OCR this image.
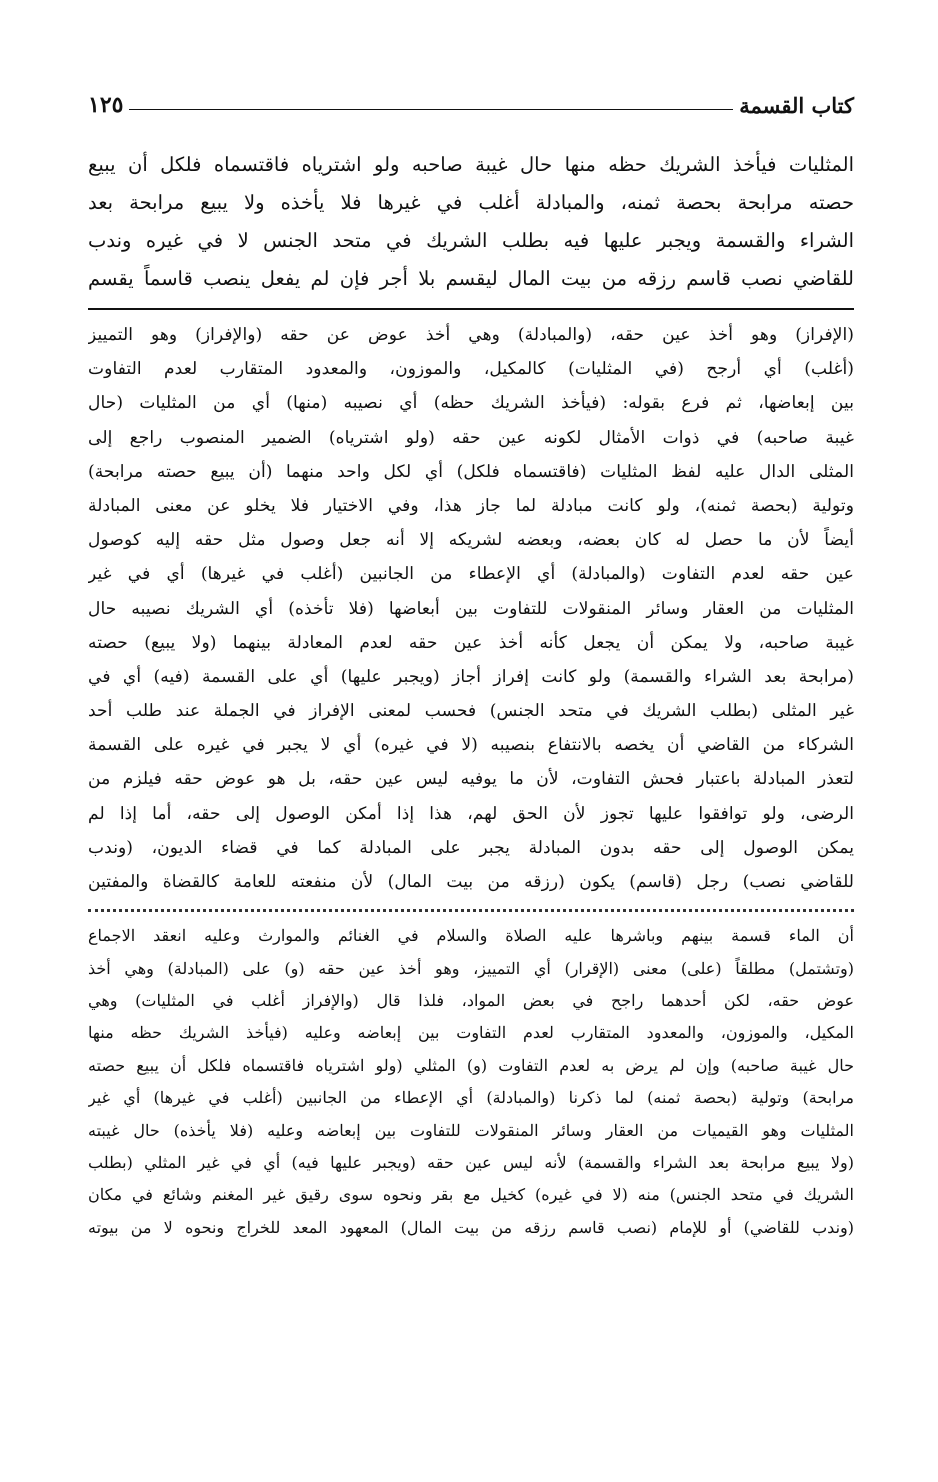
كتاب القسمة
١٢٥

المثليات فيأخذ الشريك حظه منها حال غيبة صاحبه ولو اشترياه فاقتسماه فلكل أن يبيع

حصته مرابحة بحصة ثمنه، والمبادلة أغلب في غيرها فلا يأخذه ولا يبيع مرابحة بعد

الشراء والقسمة ويجبر عليها فيه بطلب الشريك في متحد الجنس لا في غيره وندب

للقاضي نصب قاسم رزقه من بيت المال ليقسم بلا أجر فإن لم يفعل ينصب قاسماً يقسم

(الإفراز) وهو أخذ عين حقه، (والمبادلة) وهي أخذ عوض عن حقه (والإفراز) وهو التمييز

(أغلب) أي أرجح (في المثليات) كالمكيل، والموزون، والمعدود المتقارب لعدم التفاوت

بين إبعاضها، ثم فرع بقوله: (فيأخذ الشريك حظه) أي نصيبه (منها) أي من المثليات (حال

غيبة صاحبه) في ذوات الأمثال لكونه عين حقه (ولو اشترياه) الضمير المنصوب راجع إلى

المثلى الدال عليه لفظ المثليات (فاقتسماه فلكل) أي لكل واحد منهما (أن يبيع حصته مرابحة)

وتولية (بحصة ثمنه)، ولو كانت مبادلة لما جاز هذا، وفي الاختيار فلا يخلو عن معنى المبادلة

أيضاً لأن ما حصل له كان بعضه، وبعضه لشريكه إلا أنه جعل وصول مثل حقه إليه كوصول

عين حقه لعدم التفاوت (والمبادلة) أي الإعطاء من الجانبين (أغلب في غيرها) أي في غير

المثليات من العقار وسائر المنقولات للتفاوت بين أبعاضها (فلا تأخذه) أي الشريك نصيبه حال

غيبة صاحبه، ولا يمكن أن يجعل كأنه أخذ عين حقه لعدم المعادلة بينهما (ولا يبيع) حصته

(مرابحة بعد الشراء والقسمة) ولو كانت إفراز أجاز (ويجبر عليها) أي على القسمة (فيه) أي في

غير المثلى (بطلب الشريك في متحد الجنس) فحسب لمعنى الإفراز في الجملة عند طلب أحد

الشركاء من القاضي أن يخصه بالانتفاع بنصيبه (لا في غيره) أي لا يجبر في غيره على القسمة

لتعذر المبادلة باعتبار فحش التفاوت، لأن ما يوفيه ليس عين حقه، بل هو عوض حقه فيلزم من

الرضى، ولو توافقوا عليها تجوز لأن الحق لهم، هذا إذا أمكن الوصول إلى حقه، أما إذا لم

يمكن الوصول إلى حقه بدون المبادلة يجبر على المبادلة كما في قضاء الديون، (وندب

للقاضي نصب) رجل (قاسم) يكون (رزقه من بيت المال) لأن منفعته للعامة كالقضاة والمفتين

أن الماء قسمة بينهم وباشرها عليه الصلاة والسلام في الغنائم والموارث وعليه انعقد الاجماع

(وتشتمل) مطلقاً (على) معنى (الإقرار) أي التمييز، وهو أخذ عين حقه (و) على (المبادلة) وهي أخذ

عوض حقه، لكن أحدهما راجح في بعض المواد، فلذا قال (والإفراز أغلب في المثليات) وهي

المكيل، والموزون، والمعدود المتقارب لعدم التفاوت بين إبعاضه وعليه (فيأخذ الشريك حظه منها

حال غيبة صاحبه) وإن لم يرض به لعدم التفاوت (و) المثلي (ولو اشترياه فاقتسماه فلكل أن يبيع حصته

مرابحة) وتولية (بحصة ثمنه) لما ذكرنا (والمبادلة) أي الإعطاء من الجانبين (أغلب في غيرها) أي غير

المثليات وهو القيميات من العقار وسائر المنقولات للتفاوت بين إبعاضه وعليه (فلا يأخذه) حال غيبته

(ولا يبيع مرابحة بعد الشراء والقسمة) لأنه ليس عين حقه (ويجبر عليها فيه) أي في غير المثلي (بطلب

الشريك في متحد الجنس) منه (لا في غيره) كخيل مع بقر ونحوه سوى رقيق غير المغنم وشائع في مكان

(وندب للقاضي) أو للإمام (نصب قاسم رزقه من بيت المال) المعهود المعد للخراج ونحوه لا من بيوته
